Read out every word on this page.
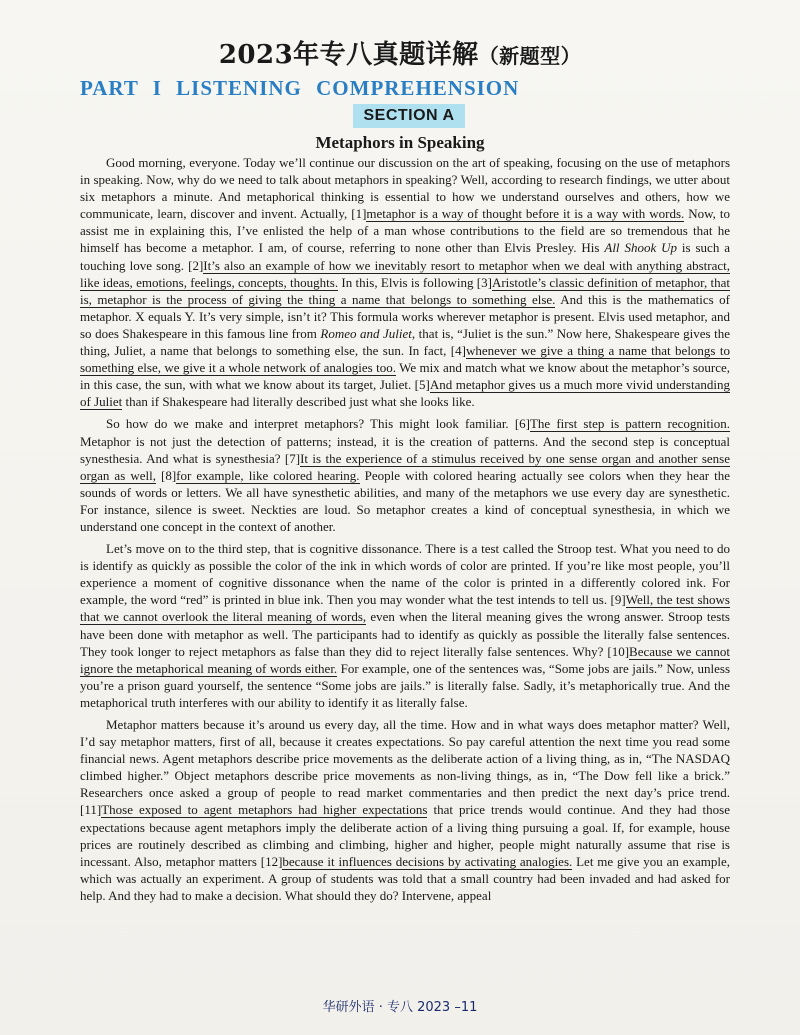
2023年专八真题详解（新题型）
PART I LISTENING COMPREHENSION
SECTION A
Metaphors in Speaking

Good morning, everyone. Today we’ll continue our discussion on the art of speaking, focusing on the use of metaphors in speaking. Now, why do we need to talk about metaphors in speaking? Well, according to research findings, we utter about six metaphors a minute. And metaphorical thinking is essential to how we understand ourselves and others, how we communicate, learn, discover and invent. Actually, [1]metaphor is a way of thought before it is a way with words. Now, to assist me in explaining this, I’ve enlisted the help of a man whose contributions to the field are so tremendous that he himself has become a metaphor. I am, of course, referring to none other than Elvis Presley. His All Shook Up is such a touching love song. [2]It’s also an example of how we inevitably resort to metaphor when we deal with anything abstract, like ideas, emotions, feelings, concepts, thoughts. In this, Elvis is following [3]Aristotle’s classic definition of metaphor, that is, metaphor is the process of giving the thing a name that belongs to something else. And this is the mathematics of metaphor. X equals Y. It’s very simple, isn’t it? This formula works wherever metaphor is present. Elvis used metaphor, and so does Shakespeare in this famous line from Romeo and Juliet, that is, “Juliet is the sun.” Now here, Shakespeare gives the thing, Juliet, a name that belongs to something else, the sun. In fact, [4]whenever we give a thing a name that belongs to something else, we give it a whole network of analogies too. We mix and match what we know about the metaphor’s source, in this case, the sun, with what we know about its target, Juliet. [5]And metaphor gives us a much more vivid understanding of Juliet than if Shakespeare had literally described just what she looks like.

So how do we make and interpret metaphors? This might look familiar. [6]The first step is pattern recognition. Metaphor is not just the detection of patterns; instead, it is the creation of patterns. And the second step is conceptual synesthesia. And what is synesthesia? [7]It is the experience of a stimulus received by one sense organ and another sense organ as well, [8]for example, like colored hearing. People with colored hearing actually see colors when they hear the sounds of words or letters. We all have synesthetic abilities, and many of the metaphors we use every day are synesthetic. For instance, silence is sweet. Neckties are loud. So metaphor creates a kind of conceptual synesthesia, in which we understand one concept in the context of another.

Let’s move on to the third step, that is cognitive dissonance. There is a test called the Stroop test. What you need to do is identify as quickly as possible the color of the ink in which words of color are printed. If you’re like most people, you’ll experience a moment of cognitive dissonance when the name of the color is printed in a differently colored ink. For example, the word “red” is printed in blue ink. Then you may wonder what the test intends to tell us. [9]Well, the test shows that we cannot overlook the literal meaning of words, even when the literal meaning gives the wrong answer. Stroop tests have been done with metaphor as well. The participants had to identify as quickly as possible the literally false sentences. They took longer to reject metaphors as false than they did to reject literally false sentences. Why? [10]Because we cannot ignore the metaphorical meaning of words either. For example, one of the sentences was, “Some jobs are jails.” Now, unless you’re a prison guard yourself, the sentence “Some jobs are jails.” is literally false. Sadly, it’s metaphorically true. And the metaphorical truth interferes with our ability to identify it as literally false.

Metaphor matters because it’s around us every day, all the time. How and in what ways does metaphor matter? Well, I’d say metaphor matters, first of all, because it creates expectations. So pay careful attention the next time you read some financial news. Agent metaphors describe price movements as the deliberate action of a living thing, as in, “The NASDAQ climbed higher.” Object metaphors describe price movements as non-living things, as in, “The Dow fell like a brick.” Researchers once asked a group of people to read market commentaries and then predict the next day’s price trend. [11]Those exposed to agent metaphors had higher expectations that price trends would continue. And they had those expectations because agent metaphors imply the deliberate action of a living thing pursuing a goal. If, for example, house prices are routinely described as climbing and climbing, higher and higher, people might naturally assume that rise is incessant. Also, metaphor matters [12]because it influences decisions by activating analogies. Let me give you an example, which was actually an experiment. A group of students was told that a small country had been invaded and had asked for help. And they had to make a decision. What should they do? Intervene, appeal

华研外语 · 专八 2023 –11
